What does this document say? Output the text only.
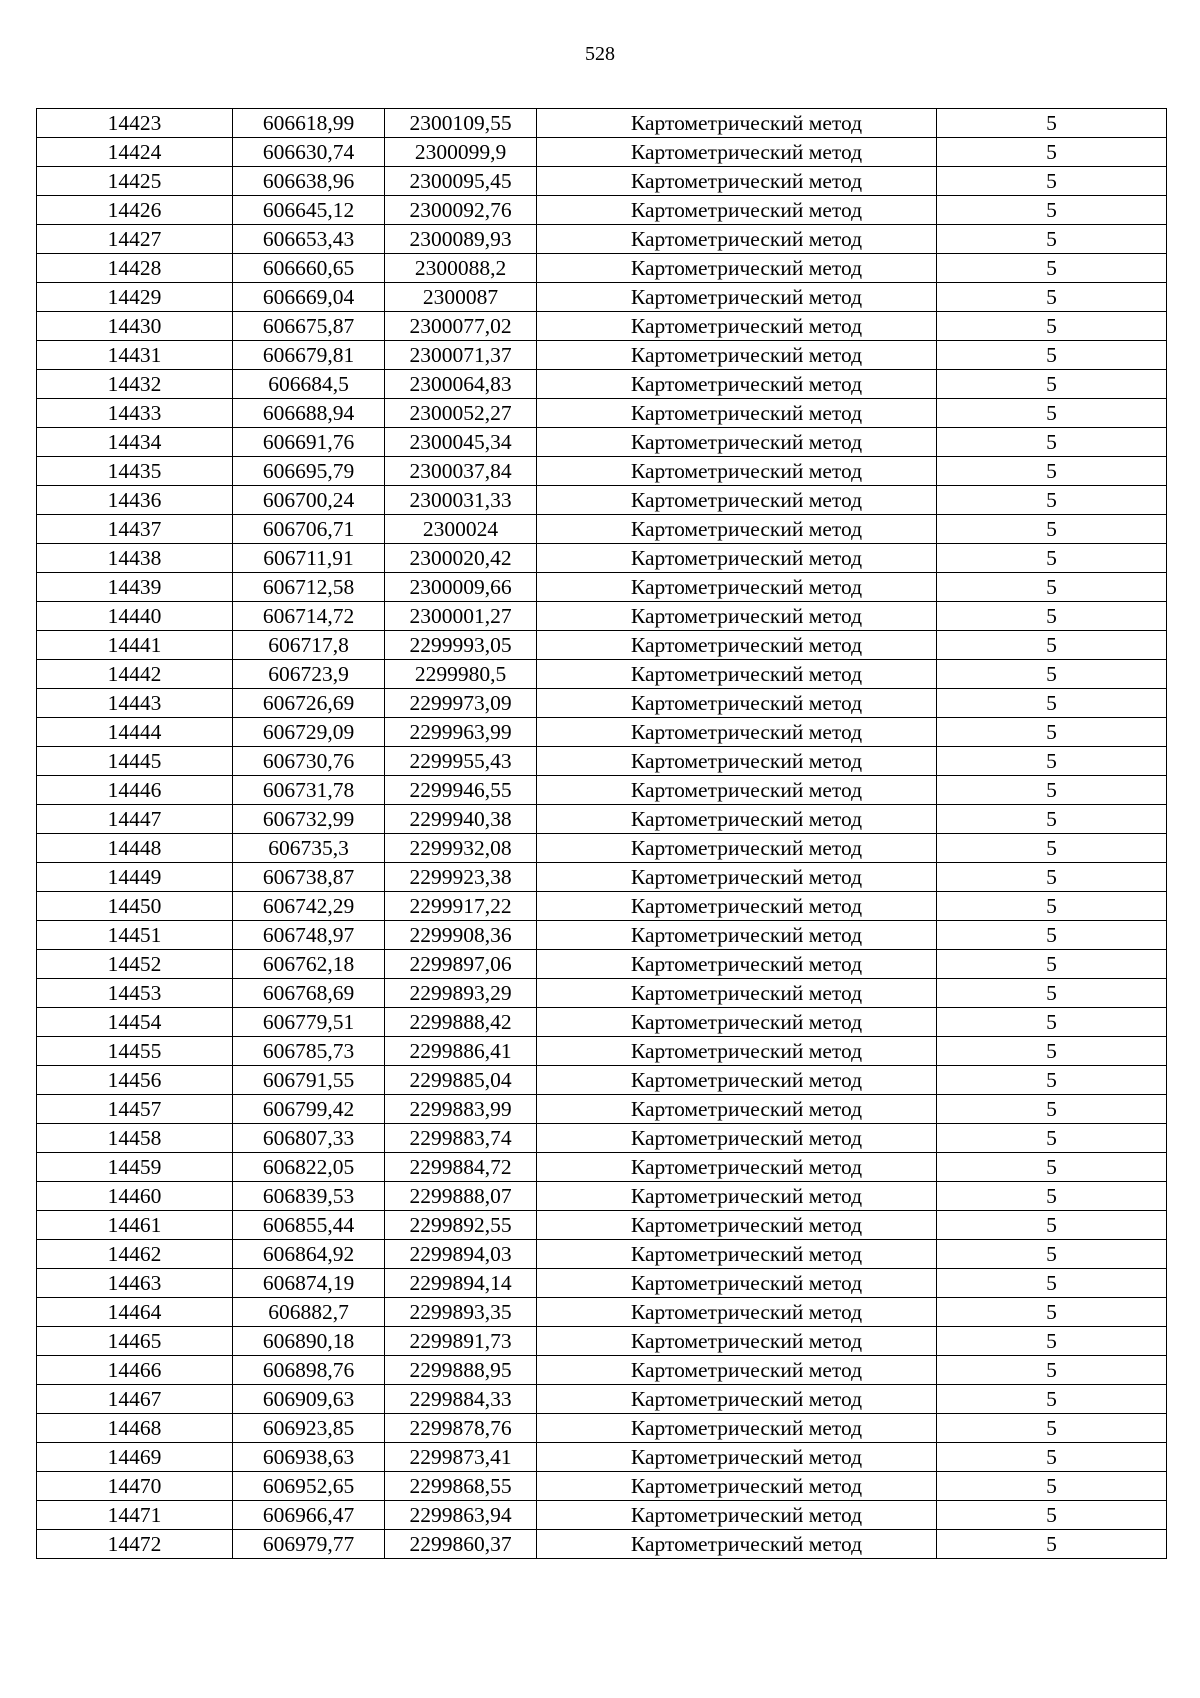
528
14423	606618,99	2300109,55	Картометрический метод	5
14424	606630,74	2300099,9	Картометрический метод	5
14425	606638,96	2300095,45	Картометрический метод	5
14426	606645,12	2300092,76	Картометрический метод	5
14427	606653,43	2300089,93	Картометрический метод	5
14428	606660,65	2300088,2	Картометрический метод	5
14429	606669,04	2300087	Картометрический метод	5
14430	606675,87	2300077,02	Картометрический метод	5
14431	606679,81	2300071,37	Картометрический метод	5
14432	606684,5	2300064,83	Картометрический метод	5
14433	606688,94	2300052,27	Картометрический метод	5
14434	606691,76	2300045,34	Картометрический метод	5
14435	606695,79	2300037,84	Картометрический метод	5
14436	606700,24	2300031,33	Картометрический метод	5
14437	606706,71	2300024	Картометрический метод	5
14438	606711,91	2300020,42	Картометрический метод	5
14439	606712,58	2300009,66	Картометрический метод	5
14440	606714,72	2300001,27	Картометрический метод	5
14441	606717,8	2299993,05	Картометрический метод	5
14442	606723,9	2299980,5	Картометрический метод	5
14443	606726,69	2299973,09	Картометрический метод	5
14444	606729,09	2299963,99	Картометрический метод	5
14445	606730,76	2299955,43	Картометрический метод	5
14446	606731,78	2299946,55	Картометрический метод	5
14447	606732,99	2299940,38	Картометрический метод	5
14448	606735,3	2299932,08	Картометрический метод	5
14449	606738,87	2299923,38	Картометрический метод	5
14450	606742,29	2299917,22	Картометрический метод	5
14451	606748,97	2299908,36	Картометрический метод	5
14452	606762,18	2299897,06	Картометрический метод	5
14453	606768,69	2299893,29	Картометрический метод	5
14454	606779,51	2299888,42	Картометрический метод	5
14455	606785,73	2299886,41	Картометрический метод	5
14456	606791,55	2299885,04	Картометрический метод	5
14457	606799,42	2299883,99	Картометрический метод	5
14458	606807,33	2299883,74	Картометрический метод	5
14459	606822,05	2299884,72	Картометрический метод	5
14460	606839,53	2299888,07	Картометрический метод	5
14461	606855,44	2299892,55	Картометрический метод	5
14462	606864,92	2299894,03	Картометрический метод	5
14463	606874,19	2299894,14	Картометрический метод	5
14464	606882,7	2299893,35	Картометрический метод	5
14465	606890,18	2299891,73	Картометрический метод	5
14466	606898,76	2299888,95	Картометрический метод	5
14467	606909,63	2299884,33	Картометрический метод	5
14468	606923,85	2299878,76	Картометрический метод	5
14469	606938,63	2299873,41	Картометрический метод	5
14470	606952,65	2299868,55	Картометрический метод	5
14471	606966,47	2299863,94	Картометрический метод	5
14472	606979,77	2299860,37	Картометрический метод	5
